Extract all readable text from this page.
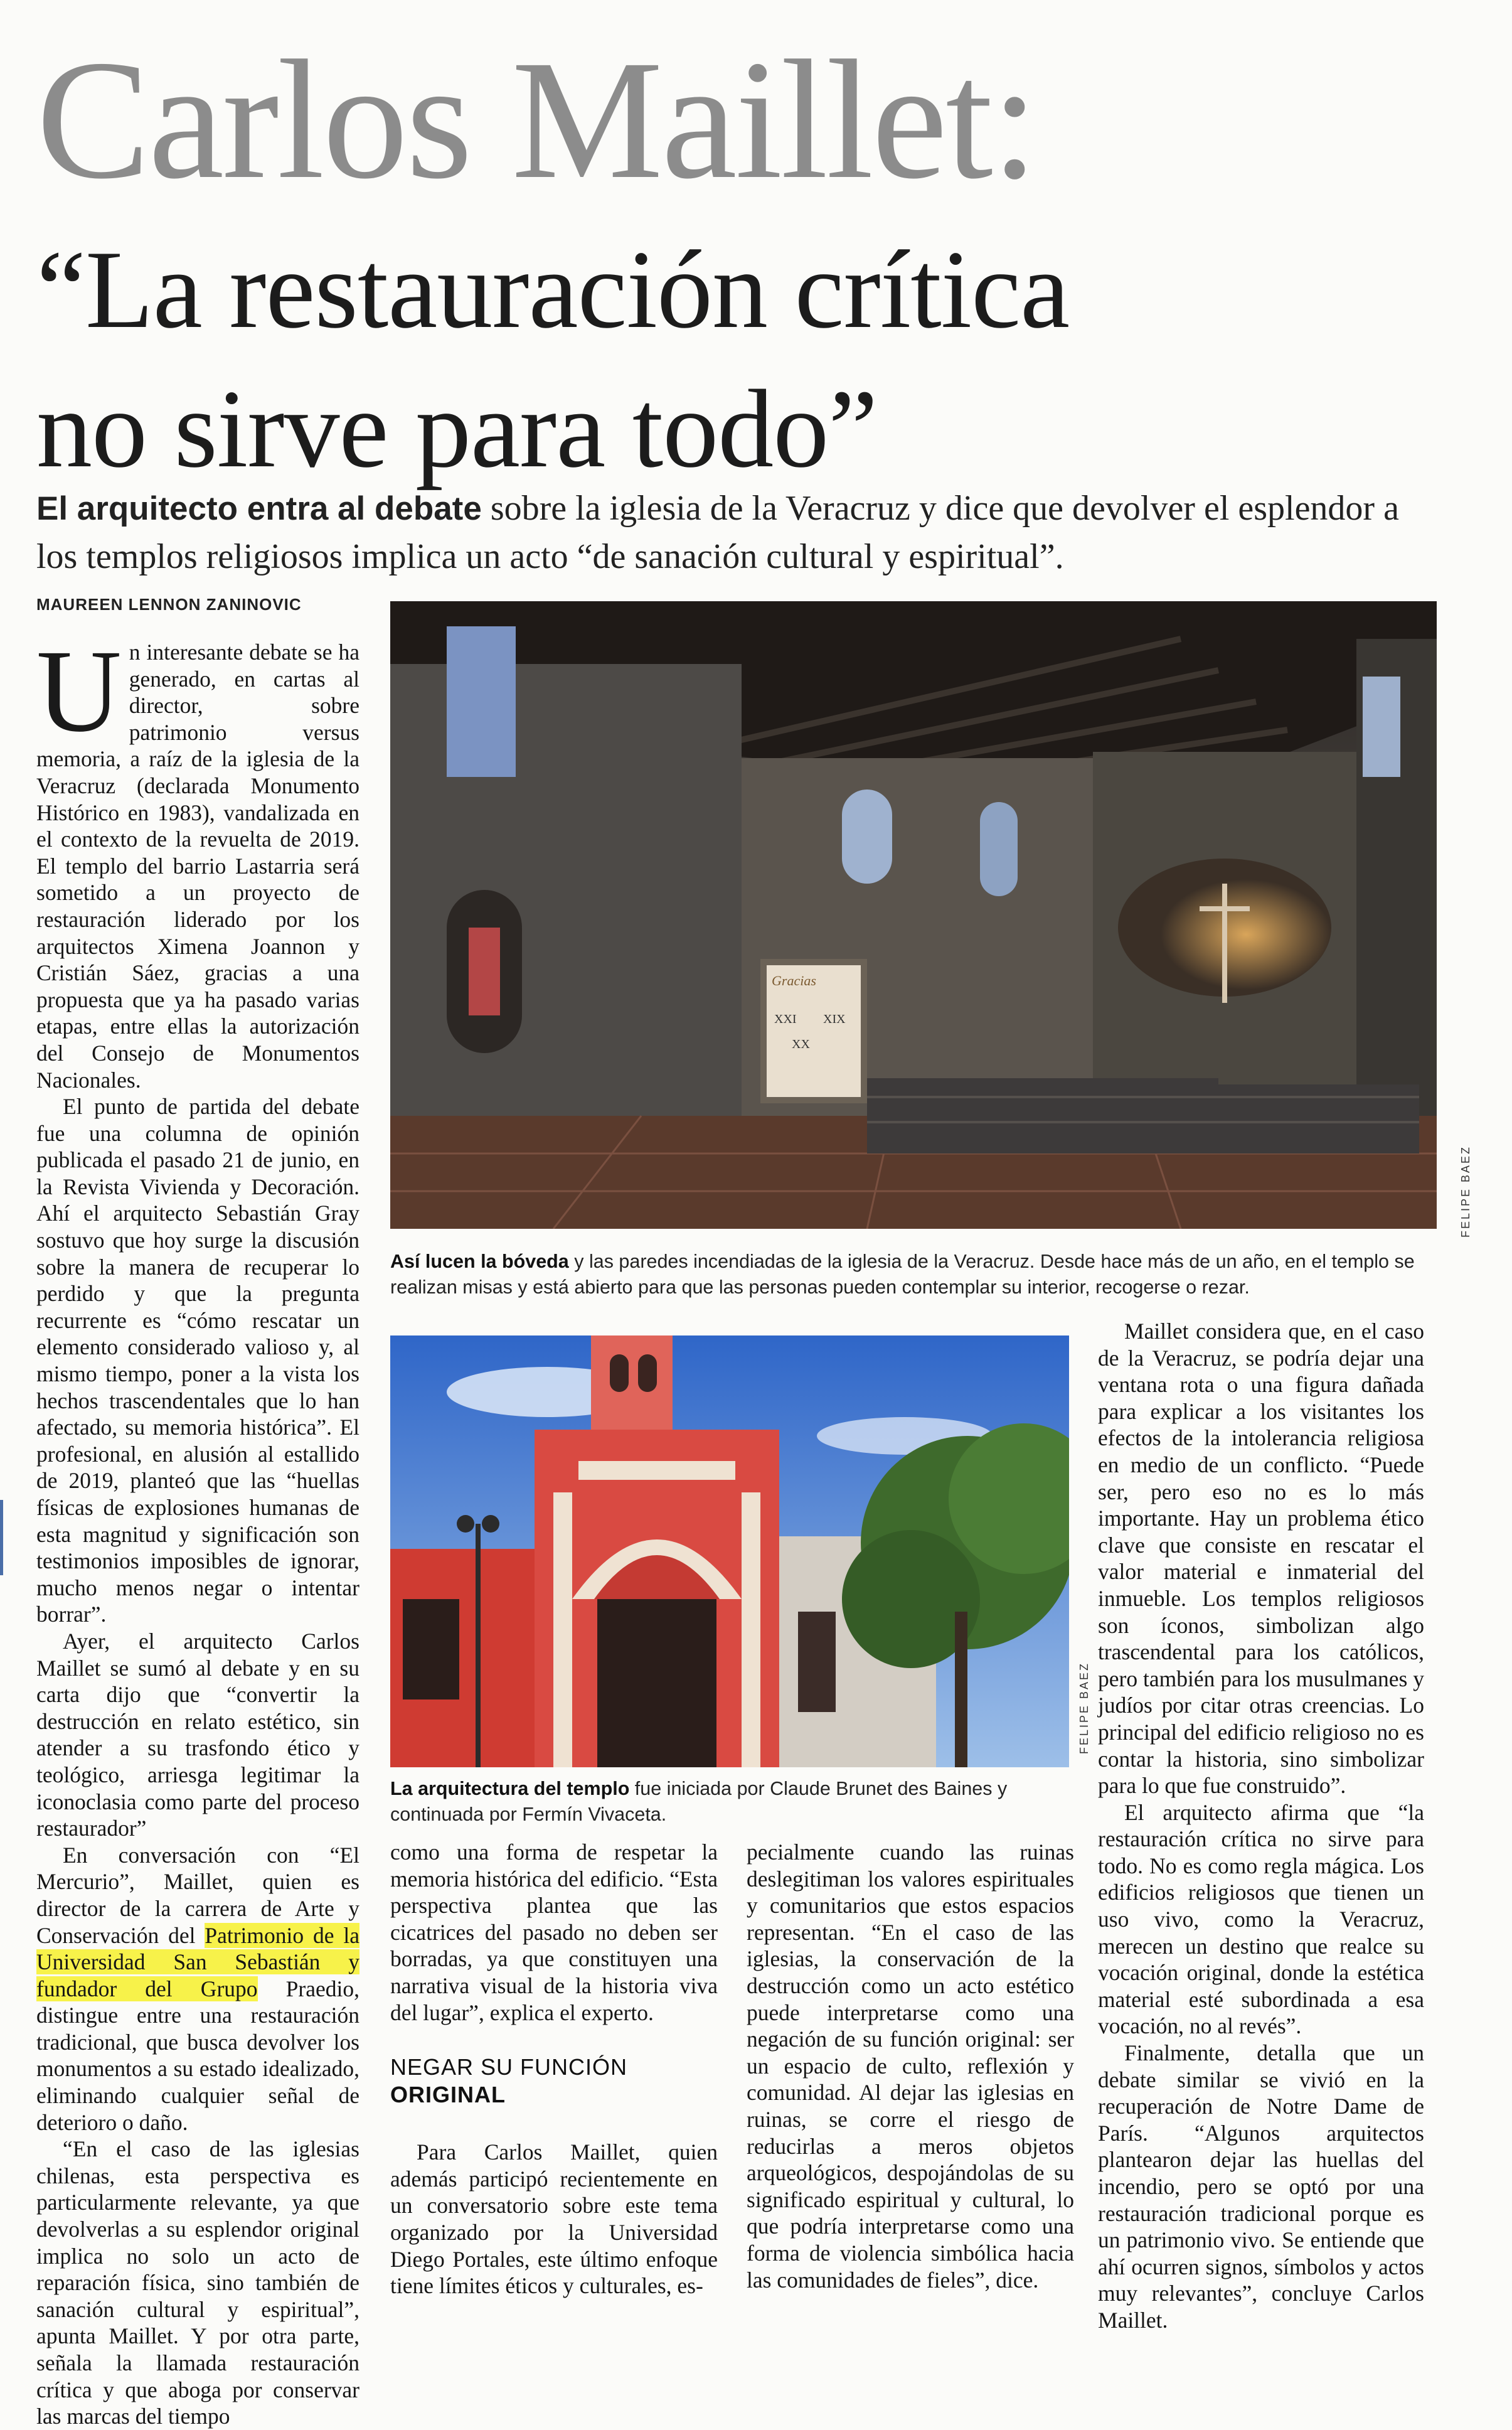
Carlos Maillet:
“La restauración crítica
no sirve para todo”
El arquitecto entra al debate sobre la iglesia de la Veracruz y dice que devolver el esplendor a los templos religiosos implica un acto “de sanación cultural y espiritual”.
MAUREEN LENNON ZANINOVIC
U n interesante debate se ha generado, en cartas al director, sobre patrimonio versus memoria, a raíz de la iglesia de la Veracruz (declarada Monumento Histórico en 1983), vandalizada en el contexto de la revuelta de 2019. El templo del barrio Lastarria será sometido a un proyecto de restauración liderado por los arquitectos Ximena Joannon y Cristián Sáez, gracias a una propuesta que ya ha pasado varias etapas, entre ellas la autorización del Consejo de Monumentos Nacionales.

El punto de partida del debate fue una columna de opinión publicada el pasado 21 de junio, en la Revista Vivienda y Decoración. Ahí el arquitecto Sebastián Gray sostuvo que hoy surge la discusión sobre la manera de recuperar lo perdido y que la pregunta recurrente es “cómo rescatar un elemento considerado valioso y, al mismo tiempo, poner a la vista los hechos trascendentales que lo han afectado, su memoria histórica”. El profesional, en alusión al estallido de 2019, planteó que las “huellas físicas de explosiones humanas de esta magnitud y significación son testimonios imposibles de ignorar, mucho menos negar o intentar borrar”.

Ayer, el arquitecto Carlos Maillet se sumó al debate y en su carta dijo que “convertir la destrucción en relato estético, sin atender a su trasfondo ético y teológico, arriesga legitimar la iconoclasia como parte del proceso restaurador”

En conversación con “El Mercurio”, Maillet, quien es director de la carrera de Arte y Conservación del Patrimonio de la Universidad San Sebastián y fundador del Grupo Praedio, distingue entre una restauración tradicional, que busca devolver los monumentos a su estado idealizado, eliminando cualquier señal de deterioro o daño.

“En el caso de las iglesias chilenas, esta perspectiva es particularmente relevante, ya que devolverlas a su esplendor original implica no solo un acto de reparación física, sino también de sanación cultural y espiritual”, apunta Maillet. Y por otra parte, señala la llamada restauración crítica y que aboga por conservar las marcas del tiempo

Gracias
XXI XIX
XX
FELIPE BAEZ
Así lucen la bóveda y las paredes incendiadas de la iglesia de la Veracruz. Desde hace más de un año, en el templo se realizan misas y está abierto para que las personas pueden contemplar su interior, recogerse o rezar.
FELIPE BAEZ
La arquitectura del templo fue iniciada por Claude Brunet des Baines y continuada por Fermín Vivaceta.

como una forma de respetar la memoria histórica del edificio. “Esta perspectiva plantea que las cicatrices del pasado no deben ser borradas, ya que constituyen una narrativa visual de la historia viva del lugar”, explica el experto.

NEGAR SU FUNCIÓN
ORIGINAL

Para Carlos Maillet, quien además participó recientemente en un conversatorio sobre este tema organizado por la Universidad Diego Portales, este último enfoque tiene límites éticos y culturales, es-

pecialmente cuando las ruinas deslegitiman los valores espirituales y comunitarios que estos espacios representan. “En el caso de las iglesias, la conservación de la destrucción como un acto estético puede interpretarse como una negación de su función original: ser un espacio de culto, reflexión y comunidad. Al dejar las iglesias en ruinas, se corre el riesgo de reducirlas a meros objetos arqueológicos, despojándolas de su significado espiritual y cultural, lo que podría interpretarse como una forma de violencia simbólica hacia las comunidades de fieles”, dice.

Maillet considera que, en el caso de la Veracruz, se podría dejar una ventana rota o una figura dañada para explicar a los visitantes los efectos de la intolerancia religiosa en medio de un conflicto. “Puede ser, pero eso no es lo más importante. Hay un problema ético clave que consiste en rescatar el valor material e inmaterial del inmueble. Los templos religiosos son íconos, simbolizan algo trascendental para los católicos, pero también para los musulmanes y judíos por citar otras creencias. Lo principal del edificio religioso no es contar la historia, sino simbolizar para lo que fue construido”.

El arquitecto afirma que “la restauración crítica no sirve para todo. No es como regla mágica. Los edificios religiosos que tienen un uso vivo, como la Veracruz, merecen un destino que realce su vocación original, donde la estética material esté subordinada a esa vocación, no al revés”.

Finalmente, detalla que un debate similar se vivió en la recuperación de Notre Dame de París. “Algunos arquitectos plantearon dejar las huellas del incendio, pero se optó por una restauración tradicional porque es un patrimonio vivo. Se entiende que ahí ocurren signos, símbolos y actos muy relevantes”, concluye Carlos Maillet.
